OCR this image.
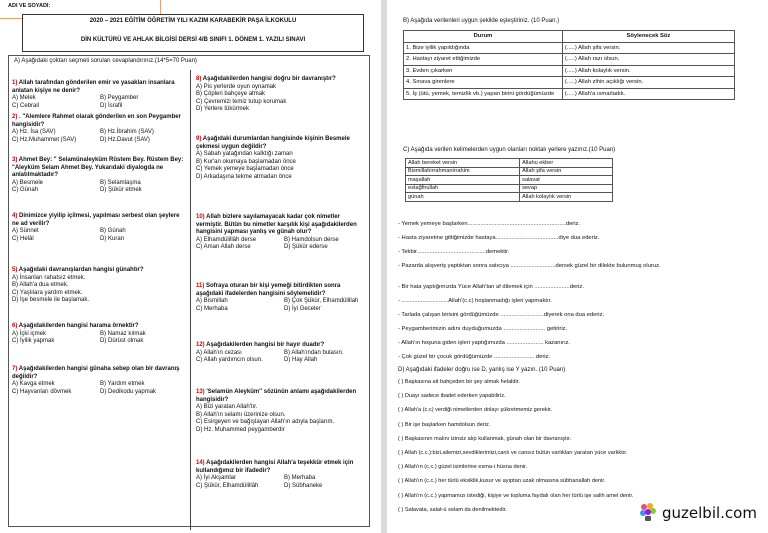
ADI VE SOYADI:
2020 – 2021 EĞİTİM ÖĞRETİM YILI KAZIM KARABEKİR PAŞA İLKOKULU
DİN KÜLTÜRÜ VE AHLAK BİLGİSİ DERSİ 4/B SINIFI 1. DÖNEM 1. YAZILI SINAVI
A) Aşağıdaki çoktan seçmeli soruları cevaplandırınız.(14*5=70 Puan)
1) Allah tarafından gönderilen emir ve yasakları insanlara anlatan kişiye ne denir?
A) Melek	B) Peygamber
C) Cebrail	D) İsrafil
2) . "Alemlere Rahmet olarak gönderilen en son Peygamber hangisidir?
A) Hz. İsa (SAV)	B) Hz.İbrahim (SAV)
C) Hz.Muhammet (SAV)	D) Hz.Davut (SAV)
3) Ahmet Bey: " Selamünaleyküm Rüstem Bey. Rüstem Bey: "Aleyküm Selam Ahmet Bey. Yukarıdaki diyalogda ne anlatılmaktadır?
A) Besmele	B) Selamlaşma
C) Günah	D) Şükür etmek
4) Dinimizce yiyilip içilmesi, yapılması serbest olan şeylere ne ad verilir?
A) Sünnet	B) Günah
C) Helâl	D) Kuran
5) Aşağıdaki davranışlardan hangisi günahtır?
A) İnsanları rahatsız etmek.
B) Allah'a dua etmek.
C) Yaşlılara yardım etmek.
D) İşe besmele ile başlamak.
6) Aşağıdakilerden hangisi harama örnektir?
A) İçki içmek	B) Namaz kılmak
C) İyilik yapmak	D) Dürüst olmak
7) Aşağıdakilerden hangisi günaha sebep olan bir davranış değildir?
A) Kavga etmek	B) Yardım etmek
C) Hayvanları dövmek	D) Dedikodu yapmak
8) Aşağıdakilerden hangisi doğru bir davranıştır?
A) Pis yerlerde oyun oynamak
B) Çöpleri bahçeye atmak
C) Çevremizi temiz tutup korumak
D) Yerlere tükürmek
9) Aşağıdaki durumlardan hangisinde kişinin Besmele çekmesi uygun değildir?
A) Sabah yatağından kalktığı zaman
B) Kur'an okumaya başlamadan önce
C) Yemek yemeye başlamadan önce
D) Arkadaşına tekme atmadan önce
10) Allah bizlere sayılamayacak kadar çok nimetler vermiştir. Bütün bu nimetler karşılık kişi aşağıdakilerden hangisini yapması yanlış ve günah olur?
A) Elhamdülillâh derse	B) Hamdolsun derse
C) Aman Allah derse	D) Şükür ederse
11) Sofraya oturan bir kişi yemeği bitirdikten sonra aşağıdaki ifadelerden hangisini söylemelidir?
A) Bismillah	B) Çok Şükür, Elhamdülillah
C) Merhaba	D) İyi Geceler
12) Aşağıdakilerden hangisi bir hayır duadır?
A) Allah'ın cezası	B) Allah'ından bulasın.
C) Allah yardımcın olsun.	D) Hay Allah
13) 'Selamün Aleyküm'' sözünün anlamı aşağıdakilerden hangisidir?
A) Bizi yaratan Allah'tır.
B) Allah'ın selamı üzerinize olsun.
C) Esirgeyen ve bağışlayan Allah'ın adıyla başlarım.
D) Hz. Muhammed peygamberdir
14) Aşağıdakilerden hangisi Allah'a teşekkür etmek için kullandığımız bir ifadedir?
A) İyi Akşamlar	B) Merhaba
C) Şükür, Elhamdülillâh	D) Sübhaneke
B) Aşağıda verilenleri uygun şekilde eşleştiriniz. (10 Puan.)
Durum	Söylenecek Söz
1. Bize iyilik yapıldığında	(.....) Allah şifa versin.
2. Hastayı ziyaret ettiğimizde	(.....) Allah razı olsun.
3. Evden çıkarken	(.....) Allah kolaylık versin.
4. Sınava girenlere	(.....) Allah zihin açıklığı versin.
5. İş (ütü, yemek, temizlik vb.) yapan birini gördüğümüzde	(.....) Allah'a ısmarladık.
C) Aşağıda verilen kelimelerden uygun olanları noktalı yerlere yazınız.(10 Puan)
Allah bereket versin	Allahu ekber
Bismillahirrahmanirrahim	Allah şifa versin
maşallah	salavat
estağfirullah	sevap
günah	Allah kolaylık versin
- Yemek yemeye başlarken.............................................................deriz.
- Hasta ziyaretine gittiğimizde hastaya.......................................diye dua ederiz.
- Tekbir...........................................demektir.
- Pazarda alışveriş yaptıktan sonra satıcıya ............................dersek güzel bir dilekte bulunmuş oluruz.
- Bir hata yaptığımızda Yüce Allah'tan af dilemek için ......................deriz.
- .............................Allah'(c.c) hoşlanmadığı işleri yapmaktır.
- Tarlada çalışan birisini gördüğümüzde ...........................diyerek ona dua ederiz.
- Peygamberimizin adını duyduğumuzda .......................... getiririz.
- Allah'ın hoşuna giden işleri yaptığımızda ....................... kazanırız.
- Çok güzel bir çocuk gördüğümüzde ......................... deriz.
D) Aşağıdaki ifadeler doğru ise D, yanlış ise Y yazın. (10 Puan)
( ) Başkasına ait bahçeden bir şey almak helaldir.
( ) Duayı sadece ibadet ederken yapabiliriz.
( ) Allah'a (c.c) verdiği nimetlerden dolayı şükretmemiz gerekir.
( ) Bir işe başlarken hamdolsun deriz.
( ) Başkasının malını izinsiz alıp kullanmak, günah olan bir davranıştır.
( ) Allah (c.c.):bizi,ailemizi,sevdiklerimizi,canlı ve cansız bütün varlıkları yaratan yüce varlıktır.
( ) Allah'ın (c.c.) güzel isimlerine esma-i hüsna denir.
( ) Allah'ın (c.c.) her türlü eksiklik,kusur ve ayıptan uzak olmasına sübhanallah denir.
( ) Allah'ın (c.c.) yapmamızı istediği, kişiye ve topluma faydalı olan her türlü işe salih amel denir.
( ) Salavata, salat-ü selam da denilmektedir.	guzelbil.com
